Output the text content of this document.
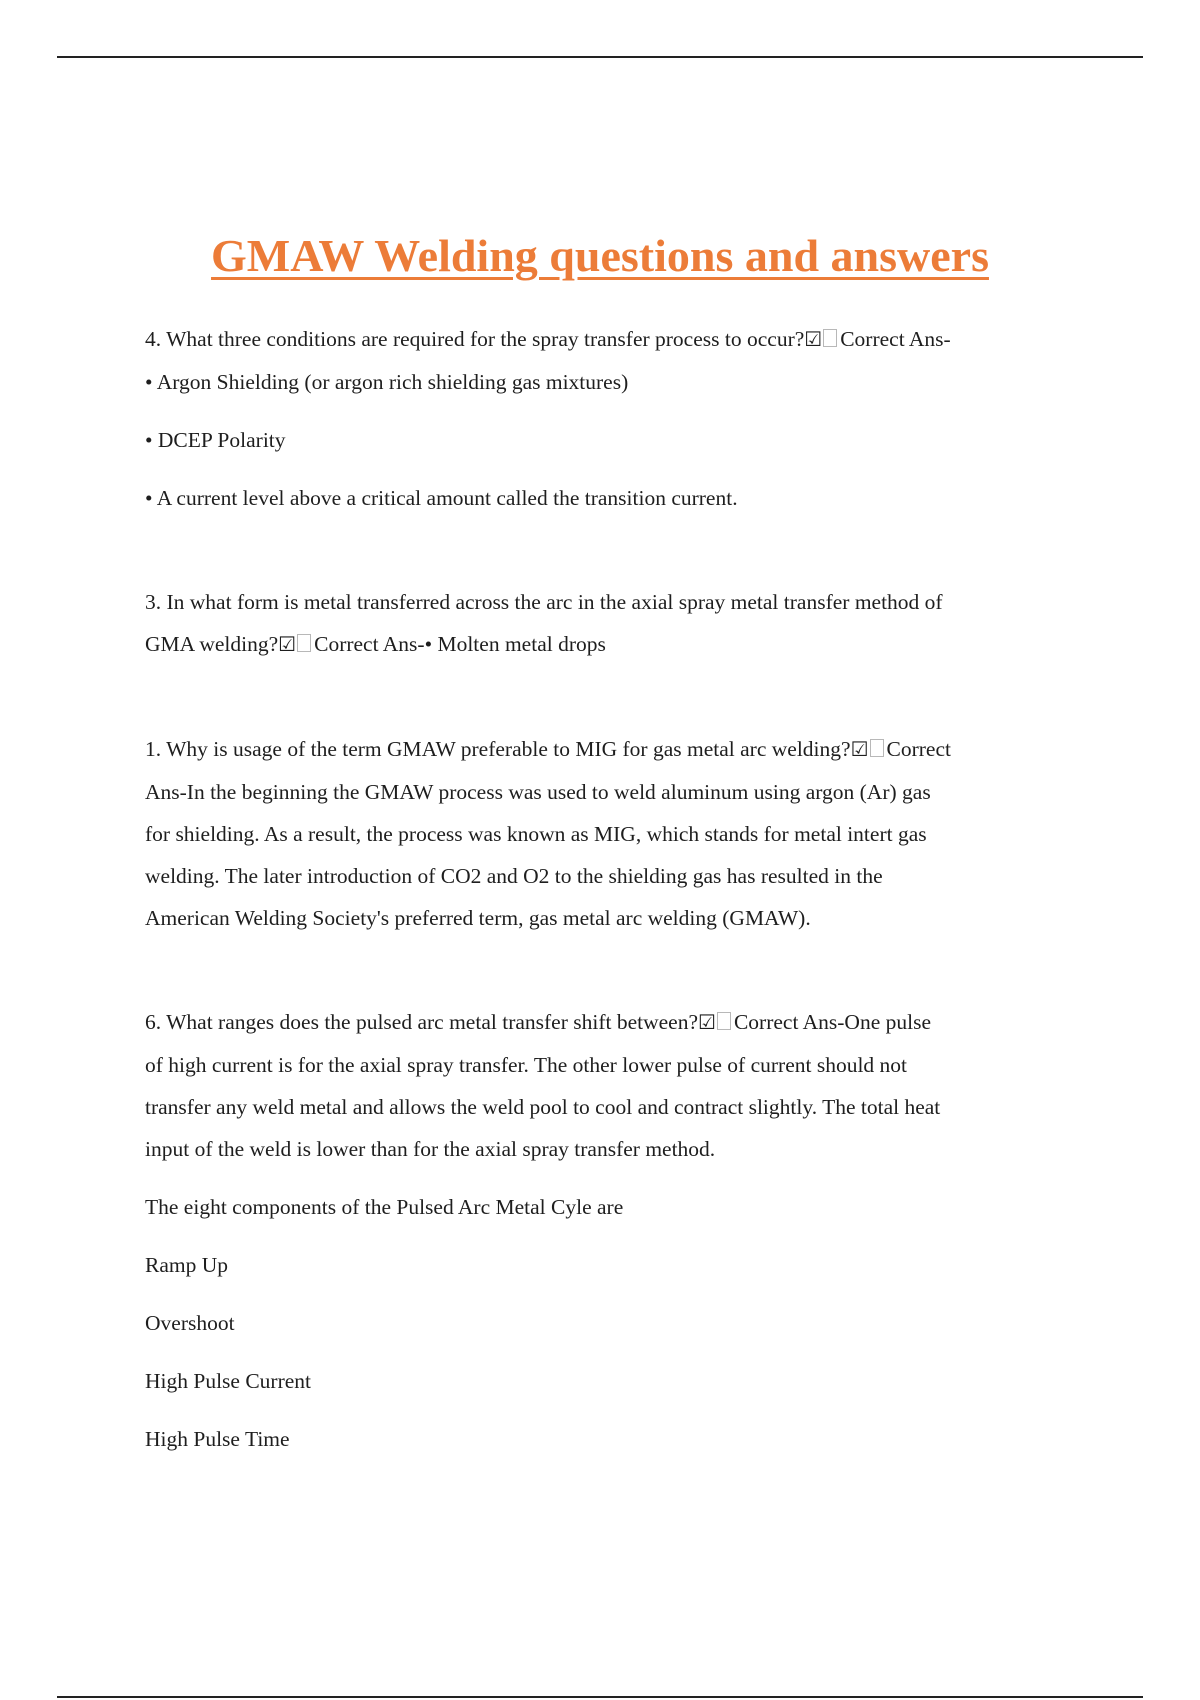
GMAW Welding questions and answers

4. What three conditions are required for the spray transfer process to occur?☑ Correct Ans-

• Argon Shielding (or argon rich shielding gas mixtures)

• DCEP Polarity

• A current level above a critical amount called the transition current.

3. In what form is metal transferred across the arc in the axial spray metal transfer method of

GMA welding?☑ Correct Ans-• Molten metal drops

1. Why is usage of the term GMAW preferable to MIG for gas metal arc welding?☑ Correct

Ans-In the beginning the GMAW process was used to weld aluminum using argon (Ar) gas

for shielding. As a result, the process was known as MIG, which stands for metal intert gas

welding. The later introduction of CO2 and O2 to the shielding gas has resulted in the

American Welding Society's preferred term, gas metal arc welding (GMAW).

6. What ranges does the pulsed arc metal transfer shift between?☑ Correct Ans-One pulse

of high current is for the axial spray transfer. The other lower pulse of current should not

transfer any weld metal and allows the weld pool to cool and contract slightly. The total heat

input of the weld is lower than for the axial spray transfer method.

The eight components of the Pulsed Arc Metal Cyle are

Ramp Up

Overshoot

High Pulse Current

High Pulse Time
